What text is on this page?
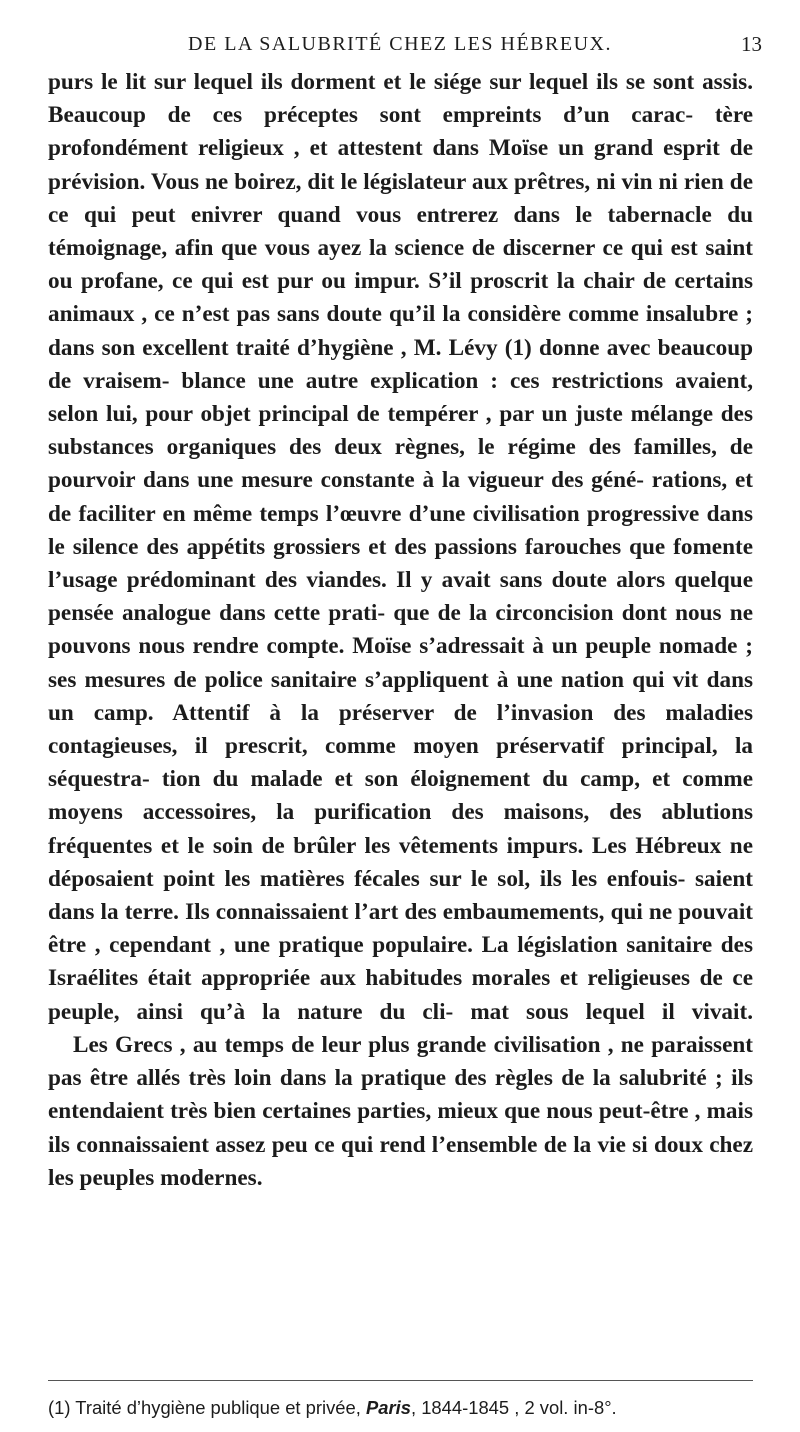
DE LA SALUBRITÉ CHEZ LES HÉBREUX.	13

purs le lit sur lequel ils dorment et le siége sur lequel ils se sont assis. Beaucoup de ces préceptes sont empreints d’un carac- tère profondément religieux , et attestent dans Moïse un grand esprit de prévision. Vous ne boirez, dit le législateur aux prêtres, ni vin ni rien de ce qui peut enivrer quand vous entrerez dans le tabernacle du témoignage, afin que vous ayez la science de discerner ce qui est saint ou profane, ce qui est pur ou impur. S’il proscrit la chair de certains animaux , ce n’est pas sans doute qu’il la considère comme insalubre ; dans son excellent traité d’hygiène , M. Lévy (1) donne avec beaucoup de vraisem- blance une autre explication : ces restrictions avaient, selon lui, pour objet principal de tempérer , par un juste mélange des substances organiques des deux règnes, le régime des familles, de pourvoir dans une mesure constante à la vigueur des géné- rations, et de faciliter en même temps l’œuvre d’une civilisation progressive dans le silence des appétits grossiers et des passions farouches que fomente l’usage prédominant des viandes. Il y avait sans doute alors quelque pensée analogue dans cette prati- que de la circoncision dont nous ne pouvons nous rendre compte. Moïse s’adressait à un peuple nomade ; ses mesures de police sanitaire s’appliquent à une nation qui vit dans un camp. Attentif à la préserver de l’invasion des maladies contagieuses, il prescrit, comme moyen préservatif principal, la séquestra- tion du malade et son éloignement du camp, et comme moyens accessoires, la purification des maisons, des ablutions fréquentes et le soin de brûler les vêtements impurs. Les Hébreux ne déposaient point les matières fécales sur le sol, ils les enfouis- saient dans la terre. Ils connaissaient l’art des embaumements, qui ne pouvait être , cependant , une pratique populaire. La législation sanitaire des Israélites était appropriée aux habitudes morales et religieuses de ce peuple, ainsi qu’à la nature du cli- mat sous lequel il vivait.

Les Grecs , au temps de leur plus grande civilisation , ne paraissent pas être allés très loin dans la pratique des règles de la salubrité ; ils entendaient très bien certaines parties, mieux que nous peut-être , mais ils connaissaient assez peu ce qui rend l’ensemble de la vie si doux chez les peuples modernes.

(1) Traité d’hygiène publique et privée, Paris, 1844-1845 , 2 vol. in-8°.
